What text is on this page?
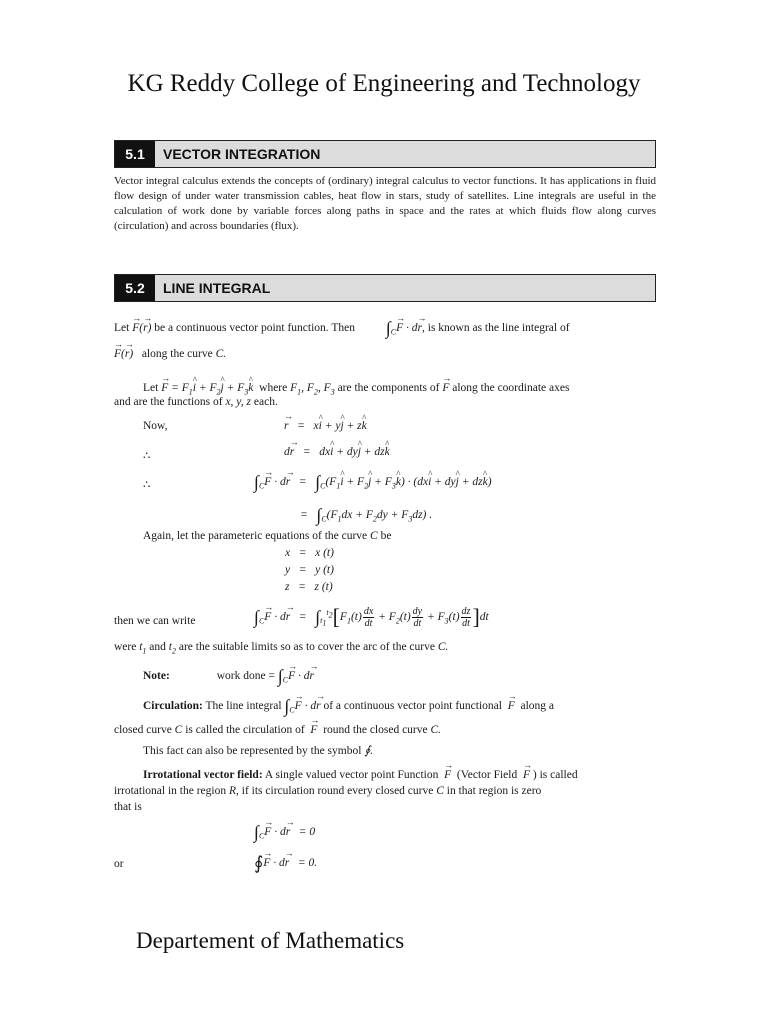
KG Reddy College of Engineering and Technology
5.1	VECTOR INTEGRATION
Vector integral calculus extends the concepts of (ordinary) integral calculus to vector functions. It has applications in fluid flow design of under water transmission cables, heat flow in stars, study of satellites. Line integrals are useful in the calculation of work done by variable forces along paths in space and the rates at which fluids flow along curves (circulation) and across boundaries (flux).
5.2	LINE INTEGRAL
Let → F(→ r) be a continuous vector point function. Then $\int_C\to F \cdot d\to r$, is known as the line integral of
→ F(→ r) along the curve C.
Let → $F = F_1\^{}$ $i + F_2\^{}$ $j + F_3\^{}$ k where $F_1$, $F_2$, $F_3$ are the components of → F along the coordinate axes
and are the functions of x, y, z each.
Now,	→ r   =   x^ i + y^ j + z^ k
∴	d→ r   =   dx^ i + dy^ j + dz^ k
∴	$\int_C\to F \cdot d\to r$   =   $\int_C(F_1\^{}$ $i + F_2\^{}$ $j + F_3\^{}$ k) · (dx^ i + dy^ j + dz^ k)
=   $\int_C(F_1dx + F_2dy + F_3dz)$ .
Again, let the parameteric equations of the curve C be
x   =   x (t)
y   =   y (t)
z   =   z (t)
then we can write	$\int_C\to F \cdot d\to r = \int_{t_1}^{t_2}[F_1(t) \frac{dx}{dt} + F_2(t) \frac{dy}{dt} + F_3(t) \frac{dz}{dt} ]dt$
were $t_1$ and $t_2$ are the suitable limits so as to cover the arc of the curve C.
Note:	work done = $\int_C\to F \cdot d\to r$
Circulation: The line integral $\int_C\to F \cdot d\to r$ of a continuous vector point functional → F along a
closed curve C is called the circulation of → F round the closed curve C.
This fact can also be represented by the symbol ∮.
Irrotational vector field: A single valued vector point Function → F (Vector Field → F ) is called
irrotational in the region R, if its circulation round every closed curve C in that region is zero
that is
$\int_C\to F \cdot d\to r = 0$
or	∮→ F · d→ r = 0.
Departement of Mathematics
